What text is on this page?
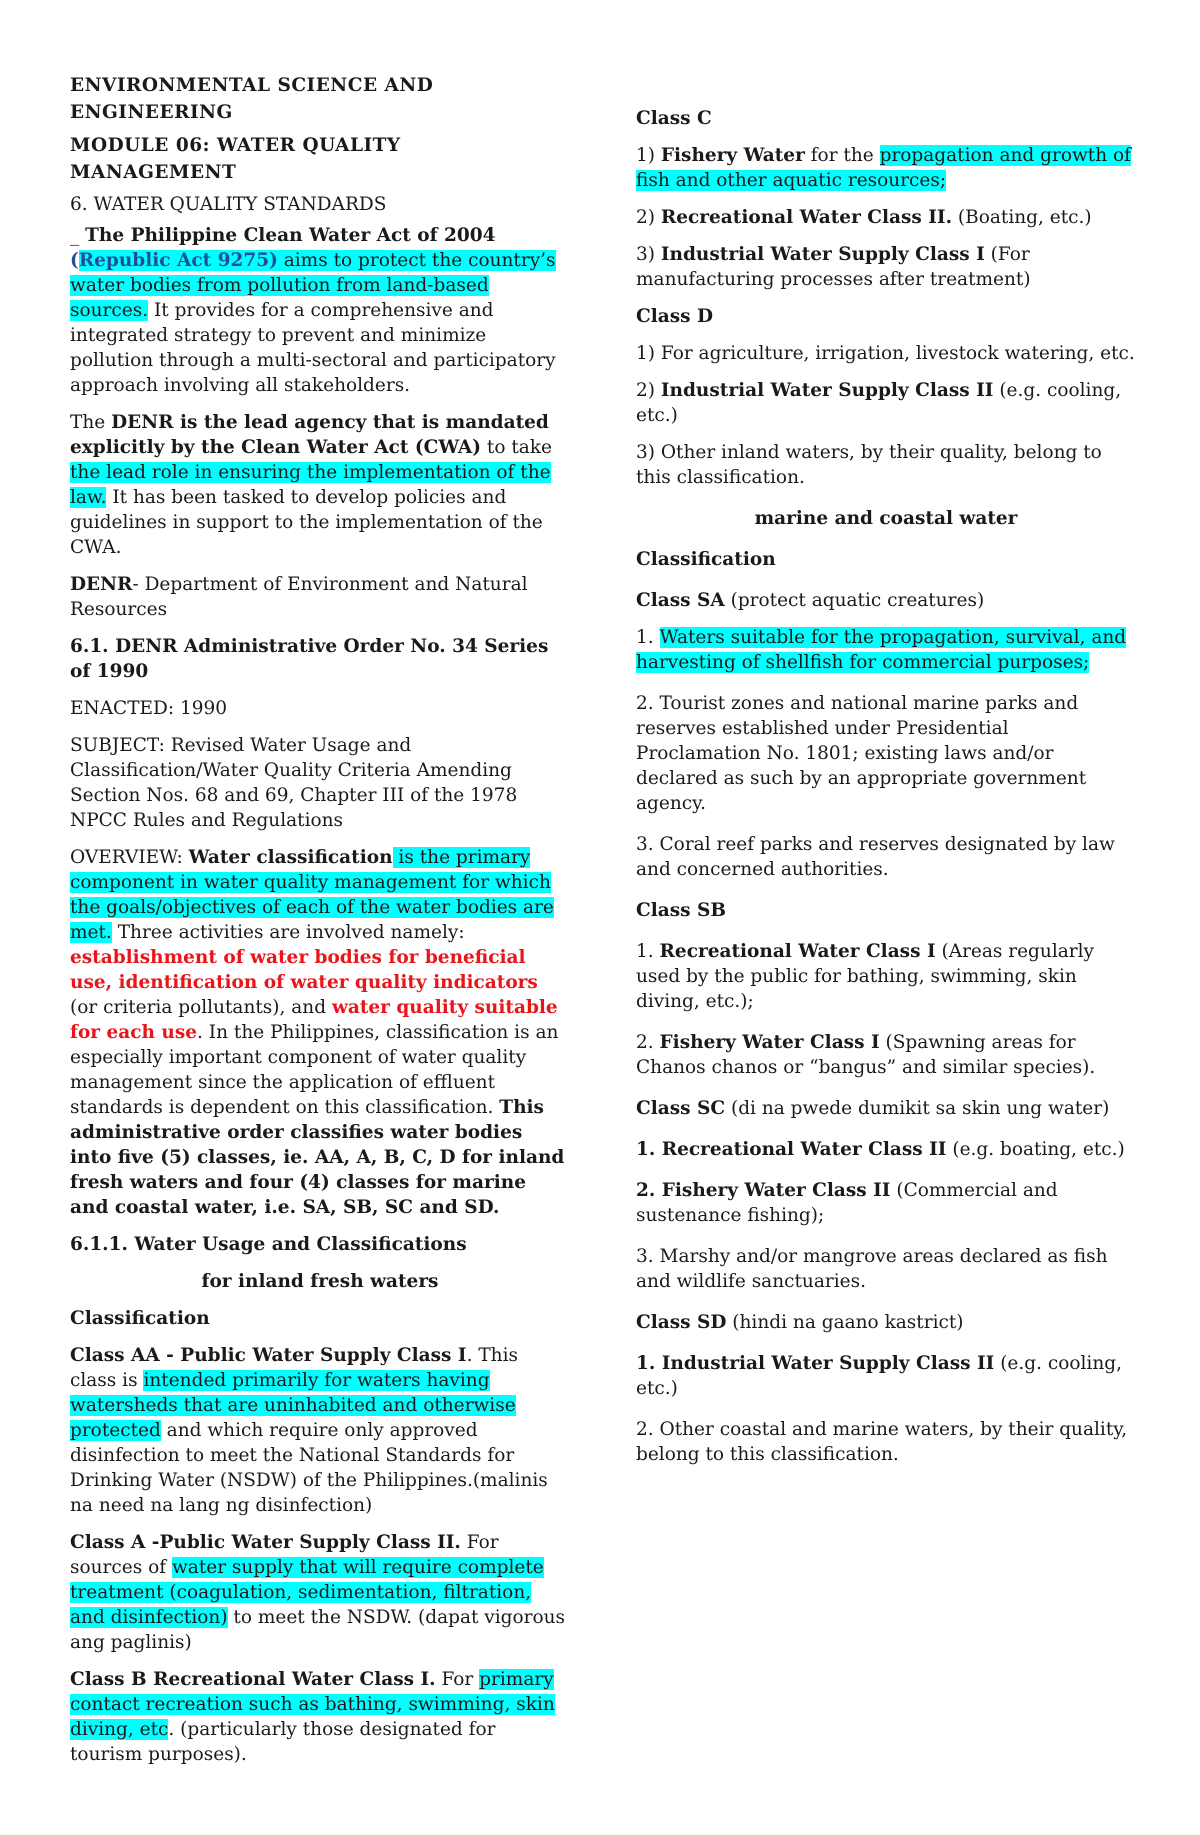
ENVIRONMENTAL SCIENCE AND ENGINEERING

MODULE 06: WATER QUALITY MANAGEMENT

6. WATER QUALITY STANDARDS

_ The Philippine Clean Water Act of 2004 (Republic Act 9275) aims to protect the country’s water bodies from pollution from land-based sources. It provides for a comprehensive and integrated strategy to prevent and minimize pollution through a multi-sectoral and participatory approach involving all stakeholders.

The DENR is the lead agency that is mandated explicitly by the Clean Water Act (CWA) to take the lead role in ensuring the implementation of the law. It has been tasked to develop policies and guidelines in support to the implementation of the CWA.

DENR- Department of Environment and Natural Resources

6.1. DENR Administrative Order No. 34 Series of 1990

ENACTED: 1990

SUBJECT: Revised Water Usage and Classification/Water Quality Criteria Amending Section Nos. 68 and 69, Chapter III of the 1978 NPCC Rules and Regulations

OVERVIEW: Water classification is the primary component in water quality management for which the goals/objectives of each of the water bodies are met. Three activities are involved namely: establishment of water bodies for beneficial use, identification of water quality indicators (or criteria pollutants), and water quality suitable for each use. In the Philippines, classification is an especially important component of water quality management since the application of effluent standards is dependent on this classification. This administrative order classifies water bodies into five (5) classes, ie. AA, A, B, C, D for inland fresh waters and four (4) classes for marine and coastal water, i.e. SA, SB, SC and SD.

6.1.1. Water Usage and Classifications

for inland fresh waters

Classification

Class AA - Public Water Supply Class I. This class is intended primarily for waters having watersheds that are uninhabited and otherwise protected and which require only approved disinfection to meet the National Standards for Drinking Water (NSDW) of the Philippines.(malinis na need na lang ng disinfection)

Class A -Public Water Supply Class II. For sources of water supply that will require complete treatment (coagulation, sedimentation, filtration, and disinfection) to meet the NSDW. (dapat vigorous ang paglinis)

Class B Recreational Water Class I. For primary contact recreation such as bathing, swimming, skin diving, etc. (particularly those designated for tourism purposes).

Class C

1) Fishery Water for the propagation and growth of fish and other aquatic resources;

2) Recreational Water Class II. (Boating, etc.)

3) Industrial Water Supply Class I (For manufacturing processes after treatment)

Class D

1) For agriculture, irrigation, livestock watering, etc.

2) Industrial Water Supply Class II (e.g. cooling, etc.)

3) Other inland waters, by their quality, belong to this classification.

marine and coastal water

Classification

Class SA (protect aquatic creatures)

1. Waters suitable for the propagation, survival, and harvesting of shellfish for commercial purposes;

2. Tourist zones and national marine parks and reserves established under Presidential Proclamation No. 1801; existing laws and/or declared as such by an appropriate government agency.

3. Coral reef parks and reserves designated by law and concerned authorities.

Class SB

1. Recreational Water Class I (Areas regularly used by the public for bathing, swimming, skin diving, etc.);

2. Fishery Water Class I (Spawning areas for Chanos chanos or “bangus” and similar species).

Class SC (di na pwede dumikit sa skin ung water)

1. Recreational Water Class II (e.g. boating, etc.)

2. Fishery Water Class II (Commercial and sustenance fishing);

3. Marshy and/or mangrove areas declared as fish and wildlife sanctuaries.

Class SD (hindi na gaano kastrict)

1. Industrial Water Supply Class II (e.g. cooling, etc.)

2. Other coastal and marine waters, by their quality, belong to this classification.
